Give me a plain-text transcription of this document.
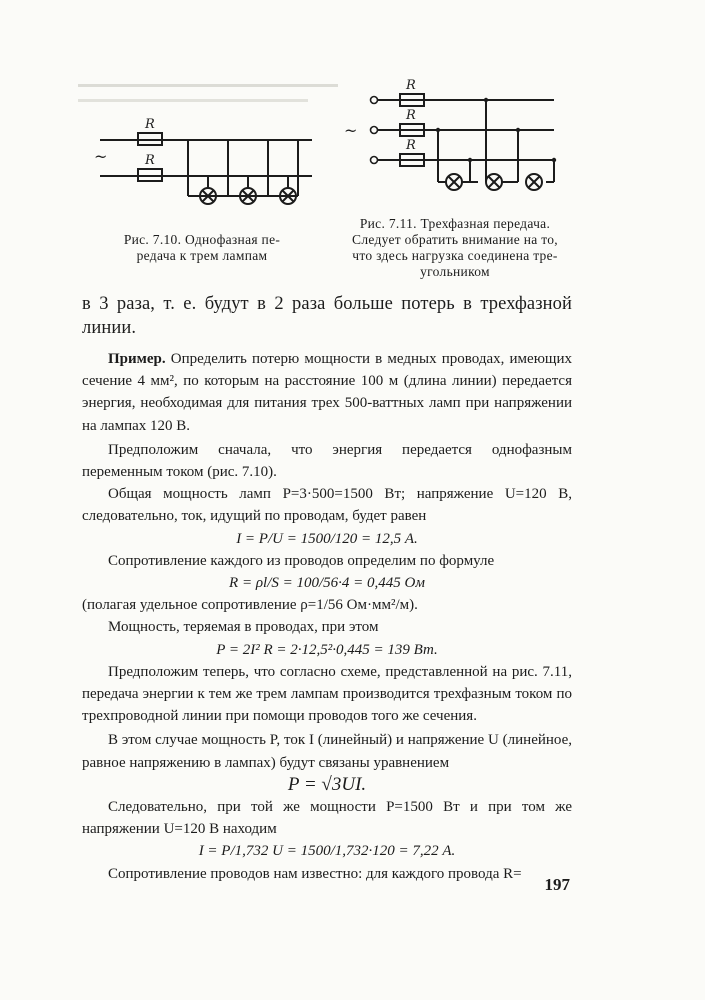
R
R
~
R
R
R
~
Рис. 7.10. Однофазная пе-
редача к трем лампам
Рис. 7.11. Трехфазная передача.
Следует обратить внимание на то,
что здесь нагрузка соединена тре-
угольником

в 3 раза, т. е. будут в 2 раза больше потерь в трехфазной линии.

Пример. Определить потерю мощности в медных проводах, имеющих сечение 4 мм², по которым на расстояние 100 м (длина линии) передается энергия, необходимая для питания трех 500-ваттных ламп при напряжении на лампах 120 В.

Предположим сначала, что энергия передается однофазным переменным током (рис. 7.10).

Общая мощность ламп P=3·500=1500 Вт; напряжение U=120 В, следовательно, ток, идущий по проводам, будет равен

I = P/U = 1500/120 = 12,5 А.

Сопротивление каждого из проводов определим по формуле

R = ρl/S = 100/56·4 = 0,445 Ом

(полагая удельное сопротивление ρ=1/56 Ом·мм²/м).

Мощность, теряемая в проводах, при этом

P = 2I² R = 2·12,5²·0,445 = 139 Вт.

Предположим теперь, что согласно схеме, представленной на рис. 7.11, передача энергии к тем же трем лампам производится трехфазным током по трехпроводной линии при помощи проводов того же сечения.

В этом случае мощность P, ток I (линейный) и напряжение U (линейное, равное напряжению в лампах) будут связаны уравнением

P = √3UI.

Следовательно, при той же мощности P=1500 Вт и при том же напряжении U=120 В находим

I = P/1,732 U = 1500/1,732·120 = 7,22 А.

Сопротивление проводов нам известно: для каждого провода R=

197
